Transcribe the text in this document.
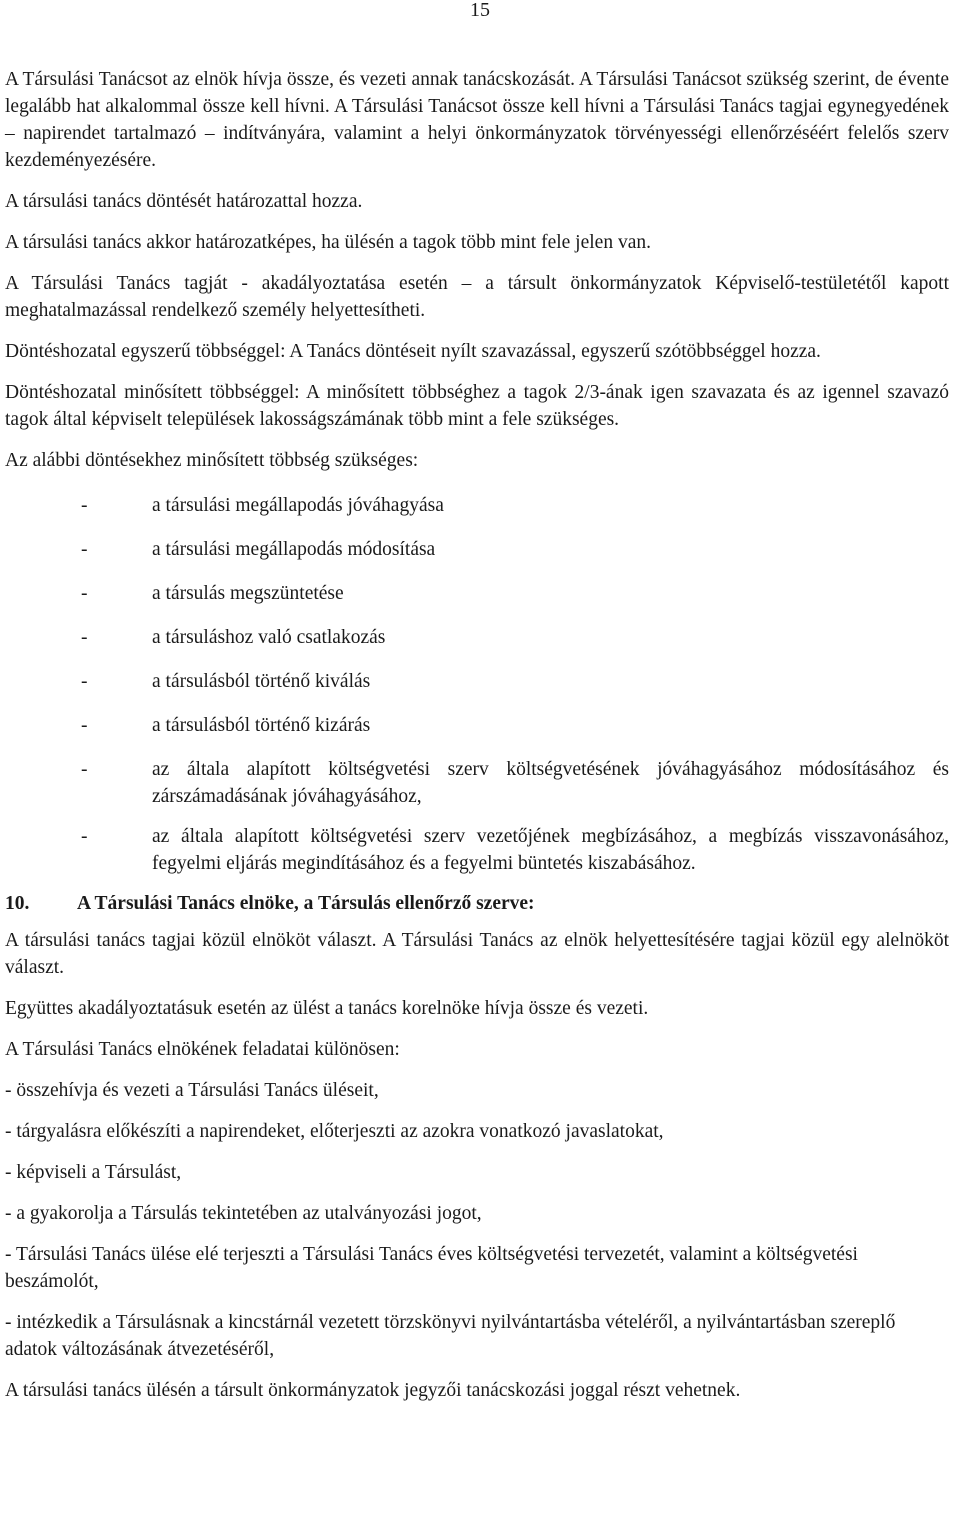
15

A Társulási Tanácsot az elnök hívja össze, és vezeti annak tanácskozását. A Társulási Tanácsot szükség szerint, de évente legalább hat alkalommal össze kell hívni. A Társulási Tanácsot össze kell hívni a Társulási Tanács tagjai egynegyedének – napirendet tartalmazó – indítványára, valamint a helyi önkormányzatok törvényességi ellenőrzéséért felelős szerv kezdeményezésére.

A társulási tanács döntését határozattal hozza.

A társulási tanács akkor határozatképes, ha ülésén a tagok több mint fele jelen van.

A Társulási Tanács tagját - akadályoztatása esetén – a társult önkormányzatok Képviselő-testületétől kapott meghatalmazással rendelkező személy helyettesítheti.

Döntéshozatal egyszerű többséggel: A Tanács döntéseit nyílt szavazással, egyszerű szótöbbséggel hozza.

Döntéshozatal minősített többséggel: A minősített többséghez a tagok 2/3-ának igen szavazata és az igennel szavazó tagok által képviselt települések lakosságszámának több mint a fele szükséges.

Az alábbi döntésekhez minősített többség szükséges:

-	a társulási megállapodás jóváhagyása
-	a társulási megállapodás módosítása
-	a társulás megszüntetése
-	a társuláshoz való csatlakozás
-	a társulásból történő kiválás
-	a társulásból történő kizárás
-	az általa alapított költségvetési szerv költségvetésének jóváhagyásához módosításához és zárszámadásának jóváhagyásához,
-	az általa alapított költségvetési szerv vezetőjének megbízásához, a megbízás visszavonásához, fegyelmi eljárás megindításához és a fegyelmi büntetés kiszabásához.
10.	A Társulási Tanács elnöke, a Társulás ellenőrző szerve:

A társulási tanács tagjai közül elnököt választ. A Társulási Tanács az elnök helyettesítésére tagjai közül egy alelnököt választ.

Együttes akadályoztatásuk esetén az ülést a tanács korelnöke hívja össze és vezeti.

A Társulási Tanács elnökének feladatai különösen:

- összehívja és vezeti a Társulási Tanács üléseit,

- tárgyalásra előkészíti a napirendeket, előterjeszti az azokra vonatkozó javaslatokat,

- képviseli a Társulást,

- a gyakorolja a Társulás tekintetében az utalványozási jogot,

- Társulási Tanács ülése elé terjeszti a Társulási Tanács éves költségvetési tervezetét, valamint a költségvetési beszámolót,

- intézkedik a Társulásnak a kincstárnál vezetett törzskönyvi nyilvántartásba vételéről, a nyilvántartásban szereplő adatok változásának átvezetéséről,

A társulási tanács ülésén a társult önkormányzatok jegyzői tanácskozási joggal részt vehetnek.
